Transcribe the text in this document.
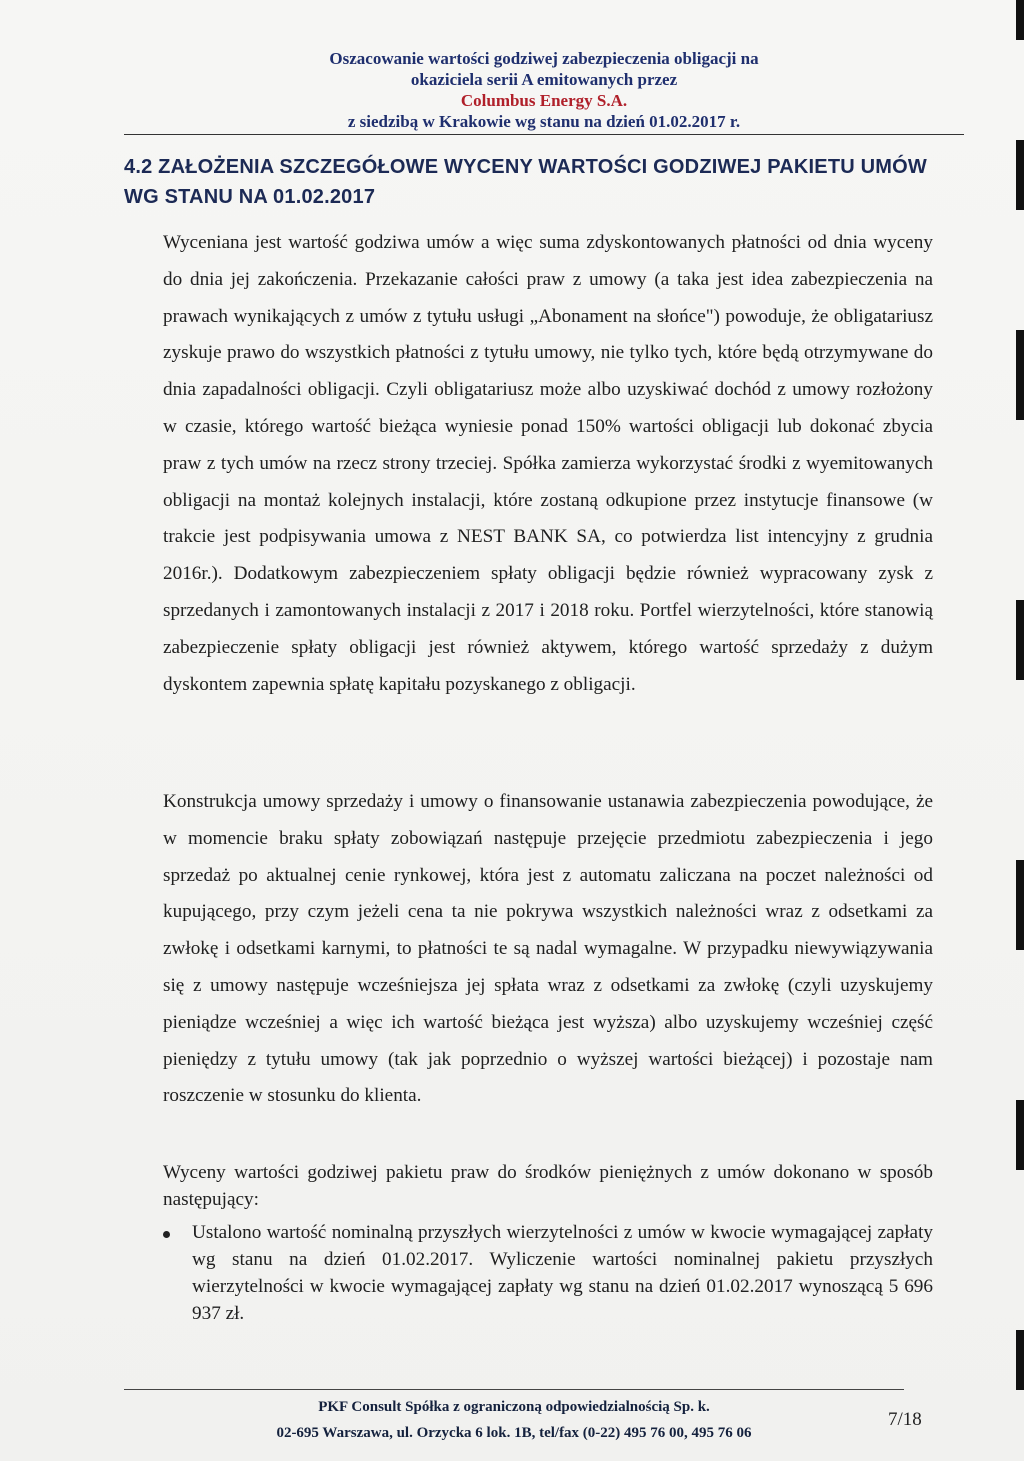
Oszacowanie wartości godziwej zabezpieczenia obligacji na
okaziciela serii A emitowanych przez
Columbus Energy S.A.
z siedzibą w Krakowie wg stanu na dzień 01.02.2017 r.
4.2 ZAŁOŻENIA SZCZEGÓŁOWE WYCENY WARTOŚCI GODZIWEJ PAKIETU UMÓW WG STANU NA 01.02.2017

Wyceniana jest wartość godziwa umów a więc suma zdyskontowanych płatności od dnia wyceny do dnia jej zakończenia. Przekazanie całości praw z umowy (a taka jest idea zabezpieczenia na prawach wynikających z umów z tytułu usługi „Abonament na słońce") powoduje, że obligatariusz zyskuje prawo do wszystkich płatności z tytułu umowy, nie tylko tych, które będą otrzymywane do dnia zapadalności obligacji. Czyli obligatariusz może albo uzyskiwać dochód z umowy rozłożony w czasie, którego wartość bieżąca wyniesie ponad 150% wartości obligacji lub dokonać zbycia praw z tych umów na rzecz strony trzeciej. Spółka zamierza wykorzystać środki z wyemitowanych obligacji na montaż kolejnych instalacji, które zostaną odkupione przez instytucje finansowe (w trakcie jest podpisywania umowa z NEST BANK SA, co potwierdza list intencyjny z grudnia 2016r.). Dodatkowym zabezpieczeniem spłaty obligacji będzie również wypracowany zysk z sprzedanych i zamontowanych instalacji z 2017 i 2018 roku. Portfel wierzytelności, które stanowią zabezpieczenie spłaty obligacji jest również aktywem, którego wartość sprzedaży z dużym dyskontem zapewnia spłatę kapitału pozyskanego z obligacji.

Konstrukcja umowy sprzedaży i umowy o finansowanie ustanawia zabezpieczenia powodujące, że w momencie braku spłaty zobowiązań następuje przejęcie przedmiotu zabezpieczenia i jego sprzedaż po aktualnej cenie rynkowej, która jest z automatu zaliczana na poczet należności od kupującego, przy czym jeżeli cena ta nie pokrywa wszystkich należności wraz z odsetkami za zwłokę i odsetkami karnymi, to płatności te są nadal wymagalne. W przypadku niewywiązywania się z umowy następuje wcześniejsza jej spłata wraz z odsetkami za zwłokę (czyli uzyskujemy pieniądze wcześniej a więc ich wartość bieżąca jest wyższa) albo uzyskujemy wcześniej część pieniędzy z tytułu umowy (tak jak poprzednio o wyższej wartości bieżącej) i pozostaje nam roszczenie w stosunku do klienta.

Wyceny wartości godziwej pakietu praw do środków pieniężnych z umów dokonano w sposób następujący:

Ustalono wartość nominalną przyszłych wierzytelności z umów w kwocie wymagającej zapłaty wg stanu na dzień 01.02.2017. Wyliczenie wartości nominalnej pakietu przyszłych wierzytelności w kwocie wymagającej zapłaty wg stanu na dzień 01.02.2017 wynoszącą 5 696 937 zł.
PKF Consult Spółka z ograniczoną odpowiedzialnością Sp. k.
02-695 Warszawa, ul. Orzycka 6 lok. 1B, tel/fax (0-22) 495 76 00, 495 76 06
7/18
